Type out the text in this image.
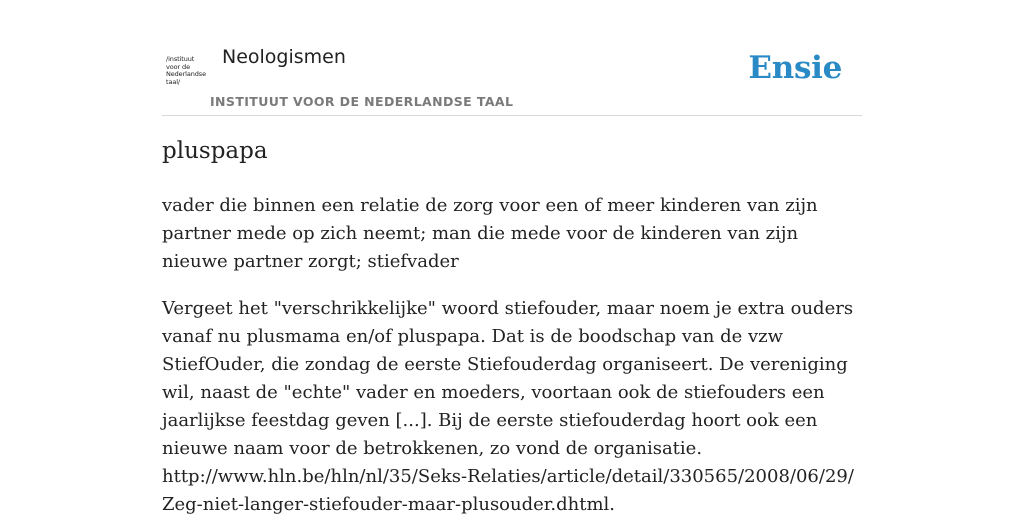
/instituut
voor de
Nederlandse
taal/
Neologismen
INSTITUUT VOOR DE NEDERLANDSE TAAL
Ensie
pluspapa

vader die binnen een relatie de zorg voor een of meer kinderen van zijn partner mede op zich neemt; man die mede voor de kinderen van zijn nieuwe partner zorgt; stiefvader

Vergeet het "verschrikkelijke" woord stiefouder, maar noem je extra ouders vanaf nu plusmama en/of pluspapa. Dat is de boodschap van de vzw StiefOuder, die zondag de eerste Stiefouderdag organiseert. De vereniging wil, naast de "echte" vader en moeders, voortaan ook de stiefouders een jaarlijkse feestdag geven [...]. Bij de eerste stiefouderdag hoort ook een nieuwe naam voor de betrokkenen, zo vond de organisatie.
http://www.hln.be/hln/nl/35/Seks-Relaties/article/detail/330565/2008/06/29/Zeg-niet-langer-stiefouder-maar-plusouder.dhtml.
